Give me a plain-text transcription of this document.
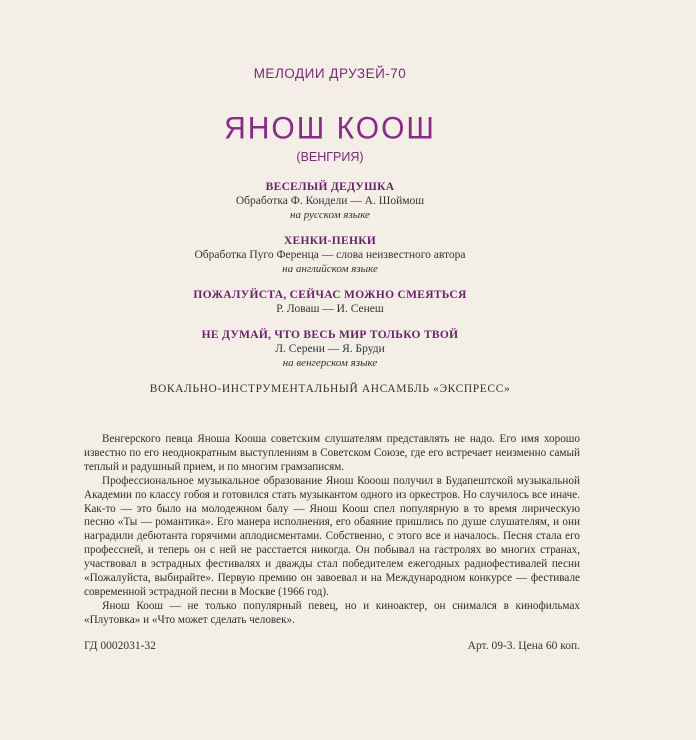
МЕЛОДИИ ДРУЗЕЙ-70
ЯНОШ КООШ
(ВЕНГРИЯ)
ВЕСЕЛЫЙ ДЕДУШКА
Обработка Ф. Кондели — А. Шоймош
на русском языке
ХЕНКИ-ПЕНКИ
Обработка Пуго Ференца — слова неизвестного автора
на английском языке
ПОЖАЛУЙСТА, СЕЙЧАС МОЖНО СМЕЯТЬСЯ
Р. Ловаш — И. Сенеш
НЕ ДУМАЙ, ЧТО ВЕСЬ МИР ТОЛЬКО ТВОЙ
Л. Серени — Я. Бруди
на венгерском языке
ВОКАЛЬНО-ИНСТРУМЕНТАЛЬНЫЙ АНСАМБЛЬ «ЭКСПРЕСС»

Венгерского певца Яноша Кооша советским слушателям представлять не надо. Его имя хорошо известно по его неоднократным выступлениям в Советском Союзе, где его встречает неизменно самый теплый и радушный прием, и по многим грамзаписям.

Профессиональное музыкальное образование Янош Кооош получил в Будапештской музыкальной Академии по классу гобоя и готовился стать музыкантом одного из оркестров. Но случилось все иначе. Как-то — это было на молодежном балу — Янош Коош спел популярную в то время лирическую песню «Ты — романтика». Его манера исполнения, его обаяние пришлись по душе слушателям, и они наградили дебютанта горячими аплодисментами. Собственно, с этого все и началось. Песня стала его профессией, и теперь он с ней не расстается никогда. Он побывал на гастролях во многих странах, участвовал в эстрадных фестивалях и дважды стал победителем ежегодных радиофестивалей песни «Пожалуйста, выбирайте». Первую премию он завоевал и на Международном конкурсе — фестивале современной эстрадной песни в Москве (1966 год).

Янош Коош — не только популярный певец, но и киноактер, он снимался в кинофильмах «Плутовка» и «Что может сделать человек».

ГД 0002031-32	Арт. 09-3. Цена 60 коп.
